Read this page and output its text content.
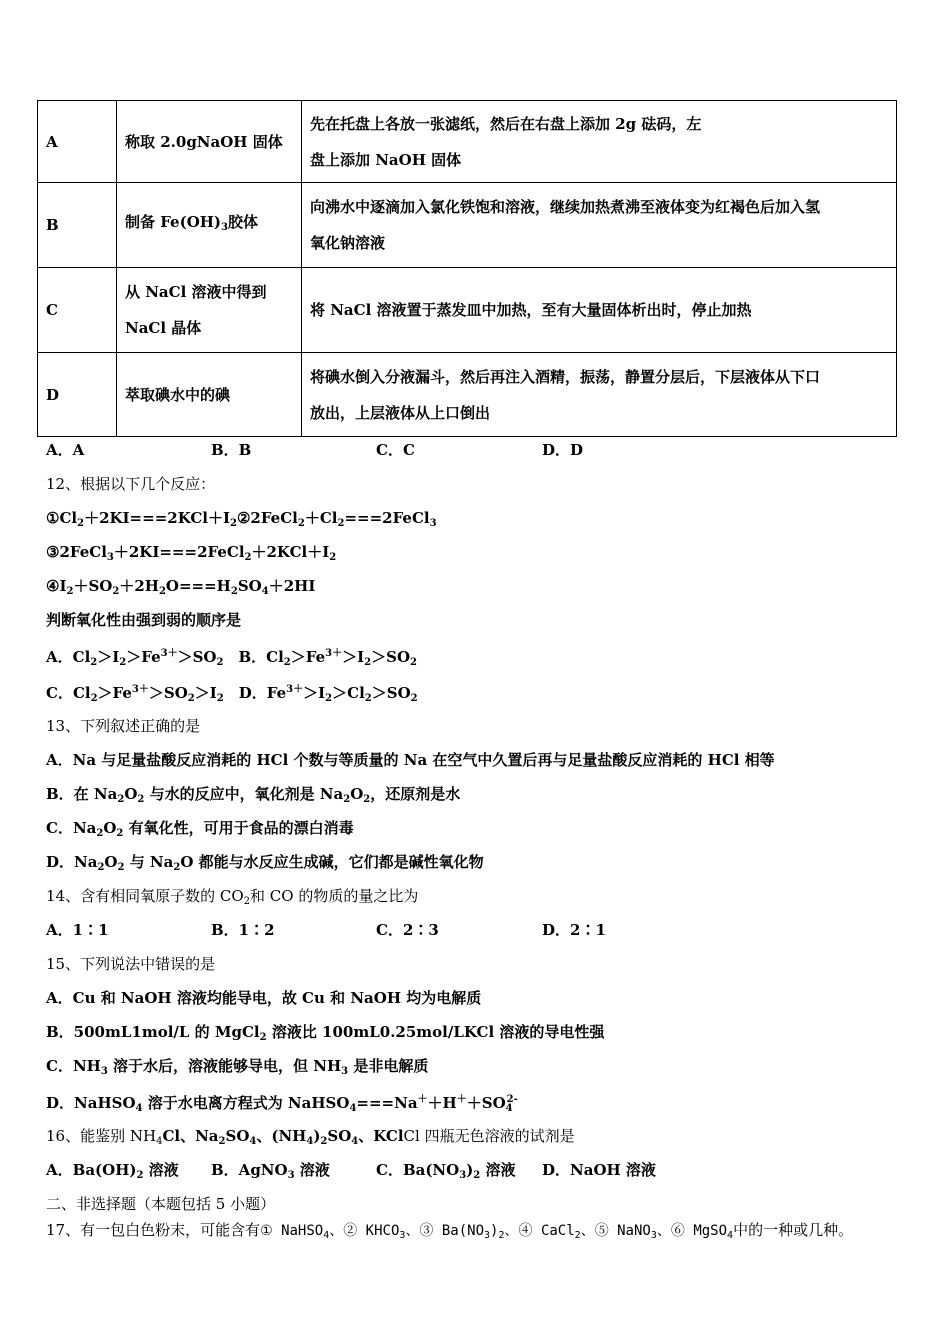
A	称取 2.0gNaOH 固体	先在托盘上各放一张滤纸，然后在右盘上添加 2g 砝码，左
盘上添加 NaOH 固体

B	制备 $Fe(OH)_3$胶体	向沸水中逐滴加入氯化铁饱和溶液，继续加热煮沸至液体变为红褐色后加入氢
氧化钠溶液

C	从 NaCl 溶液中得到
NaCl 晶体	将 NaCl 溶液置于蒸发皿中加热，至有大量固体析出时，停止加热
D	萃取碘水中的碘	将碘水倒入分液漏斗，然后再注入酒精，振荡，静置分层后，下层液体从下口
放出，上层液体从上口倒出
A．A	B．B	C．C	D．D
12、根据以下几个反应：
$①Cl_2+2KI===2KCl+I_2②2FeCl_2+Cl_2===2FeCl_3$
$③2FeCl_3+2KI===2FeCl_2+2KCl+I_2$
$④I_2+SO_2+2H_2O===H_2SO_4+2HI$
判断氧化性由强到弱的顺序是
A．$Cl_2>I_2>Fe^{3+}>SO_2$　B．$Cl_2>Fe^{3+}>I_2>SO_2$
C．$Cl_2>Fe^{3+}>SO_2>I_2$　D．$Fe^{3+}>I_2>Cl_2>SO_2$
13、下列叙述正确的是
A．Na 与足量盐酸反应消耗的 HCl 个数与等质量的 Na 在空气中久置后再与足量盐酸反应消耗的 HCl 相等
B．在 $Na_2O_2$ 与水的反应中，氧化剂是 $Na_2O_2$，还原剂是水
C．$Na_2O_2$ 有氧化性，可用于食品的漂白消毒
D．$Na_2O_2$ 与 $Na_2O$ 都能与水反应生成碱，它们都是碱性氧化物
14、含有相同氧原子数的 $CO_2$和 CO 的物质的量之比为
A．1∶1	B．1∶2	C．2∶3	D．2∶1
15、下列说法中错误的是
A．Cu 和 NaOH 溶液均能导电，故 Cu 和 NaOH 均为电解质
B．500mL1mol/L 的 MgCl$_2$ 溶液比 100mL0.25mol/LKCl 溶液的导电性强
C．$NH_3$ 溶于水后，溶液能够导电，但 $NH_3$ 是非电解质
D．NaHSO$_4$ 溶于水电离方程式为 $NaHSO_4===Na^++H^++SO_4^{2-}$
16、能鉴别 $NH_4Cl$、$Na_2SO_4$、$(NH_4)_2SO_4$、KClCl 四瓶无色溶液的试剂是
A．$Ba(OH)_2$ 溶液 B．AgNO$_3$ 溶液	C．$Ba(NO_3)_2$ 溶液 D．NaOH 溶液
二、非选择题（本题包括 5 小题）
17、有一包白色粉末，可能含有① NaHSO$_4$、② $KHCO_3$、③ $Ba(NO_3)_2$、④ CaCl$_2$、⑤ NaNO$_3$、⑥ MgSO$_4$中的一种或几种。
